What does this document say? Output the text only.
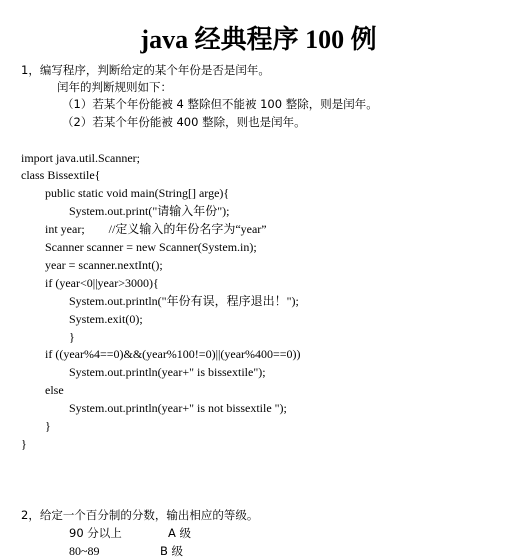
java 经典程序 100 例
1，编写程序，判断给定的某个年份是否是闰年。
闰年的判断规则如下：
（1）若某个年份能被 4 整除但不能被 100 整除，则是闰年。
（2）若某个年份能被 400 整除，则也是闰年。
import java.util.Scanner;
class Bissextile{
public static void main(String[] arge){
System.out.print("请输入年份");
int year;        //定义输入的年份名字为“year”
Scanner scanner = new Scanner(System.in);
year = scanner.nextInt();
if (year<0||year>3000){
System.out.println("年份有误，程序退出！");
System.exit(0);
}
if ((year%4==0)&&(year%100!=0)||(year%400==0))
System.out.println(year+" is bissextile");
else
System.out.println(year+" is not bissextile ");
}
}
2，给定一个百分制的分数，输出相应的等级。
90 分以上	A 级
80~89	B 级
